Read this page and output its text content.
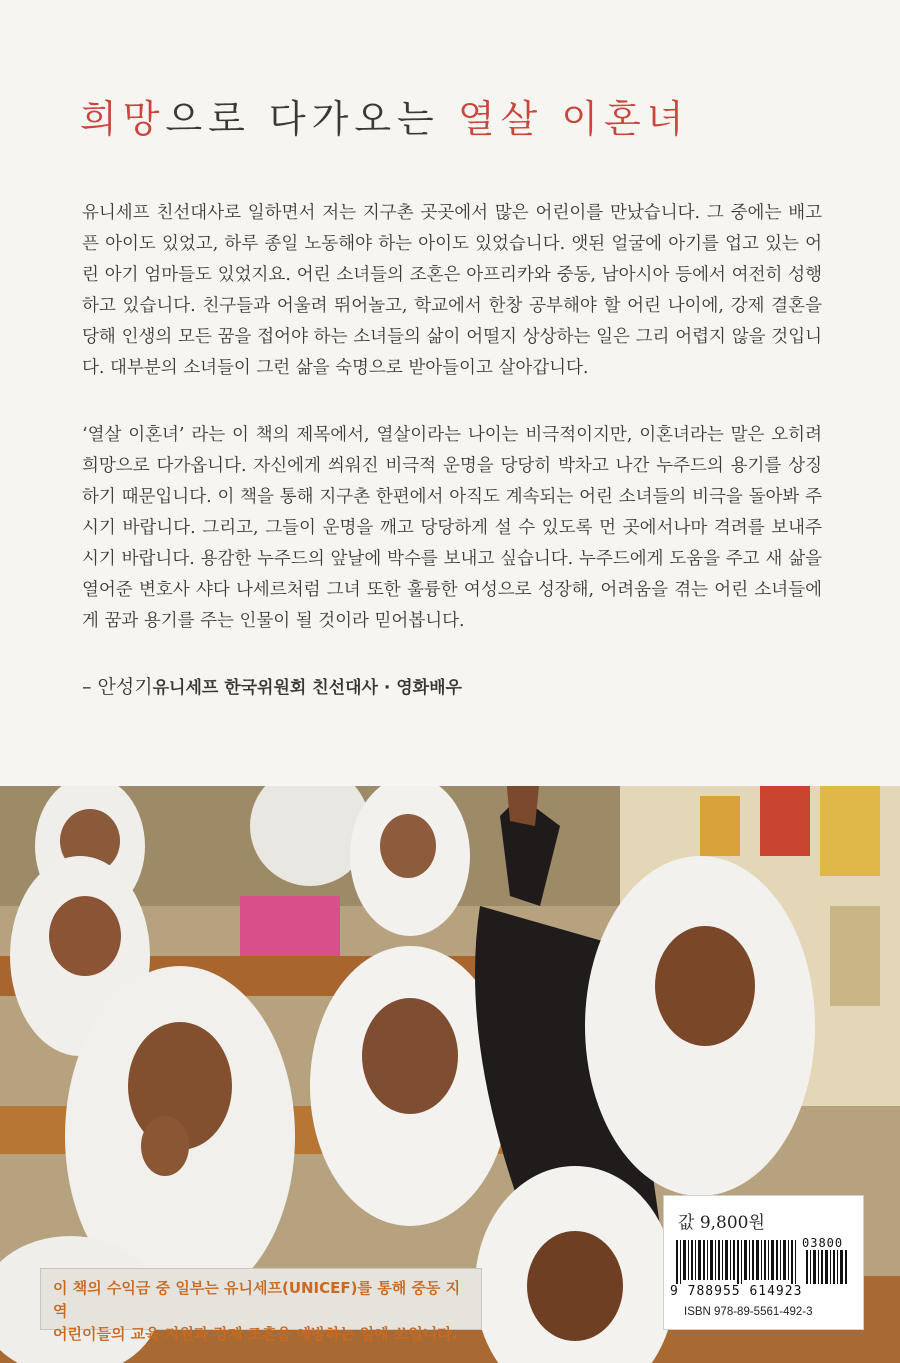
희망으로 다가오는 열살 이혼녀

유니세프 친선대사로 일하면서 저는 지구촌 곳곳에서 많은 어린이를 만났습니다. 그 중에는 배고픈 아이도 있었고, 하루 종일 노동해야 하는 아이도 있었습니다. 앳된 얼굴에 아기를 업고 있는 어린 아기 엄마들도 있었지요. 어린 소녀들의 조혼은 아프리카와 중동, 남아시아 등에서 여전히 성행하고 있습니다. 친구들과 어울려 뛰어놀고, 학교에서 한창 공부해야 할 어린 나이에, 강제 결혼을 당해 인생의 모든 꿈을 접어야 하는 소녀들의 삶이 어떨지 상상하는 일은 그리 어렵지 않을 것입니다. 대부분의 소녀들이 그런 삶을 숙명으로 받아들이고 살아갑니다.

‘열살 이혼녀’ 라는 이 책의 제목에서, 열살이라는 나이는 비극적이지만, 이혼녀라는 말은 오히려 희망으로 다가옵니다. 자신에게 씌워진 비극적 운명을 당당히 박차고 나간 누주드의 용기를 상징하기 때문입니다. 이 책을 통해 지구촌 한편에서 아직도 계속되는 어린 소녀들의 비극을 돌아봐 주시기 바랍니다. 그리고, 그들이 운명을 깨고 당당하게 설 수 있도록 먼 곳에서나마 격려를 보내주시기 바랍니다. 용감한 누주드의 앞날에 박수를 보내고 싶습니다. 누주드에게 도움을 주고 새 삶을 열어준 변호사 샤다 나세르처럼 그녀 또한 훌륭한 여성으로 성장해, 어려움을 겪는 어린 소녀들에게 꿈과 용기를 주는 인물이 될 것이라 믿어봅니다.

– 안성기유니세프 한국위원회 친선대사 · 영화배우

이 책의 수익금 중 일부는 유니세프(UNICEF)를 통해 중동 지역

어린이들의 교육 지원과 강제 조혼을 예방하는 일에 쓰입니다.

값 9,800원
03800
9 788955 614923
ISBN 978-89-5561-492-3
